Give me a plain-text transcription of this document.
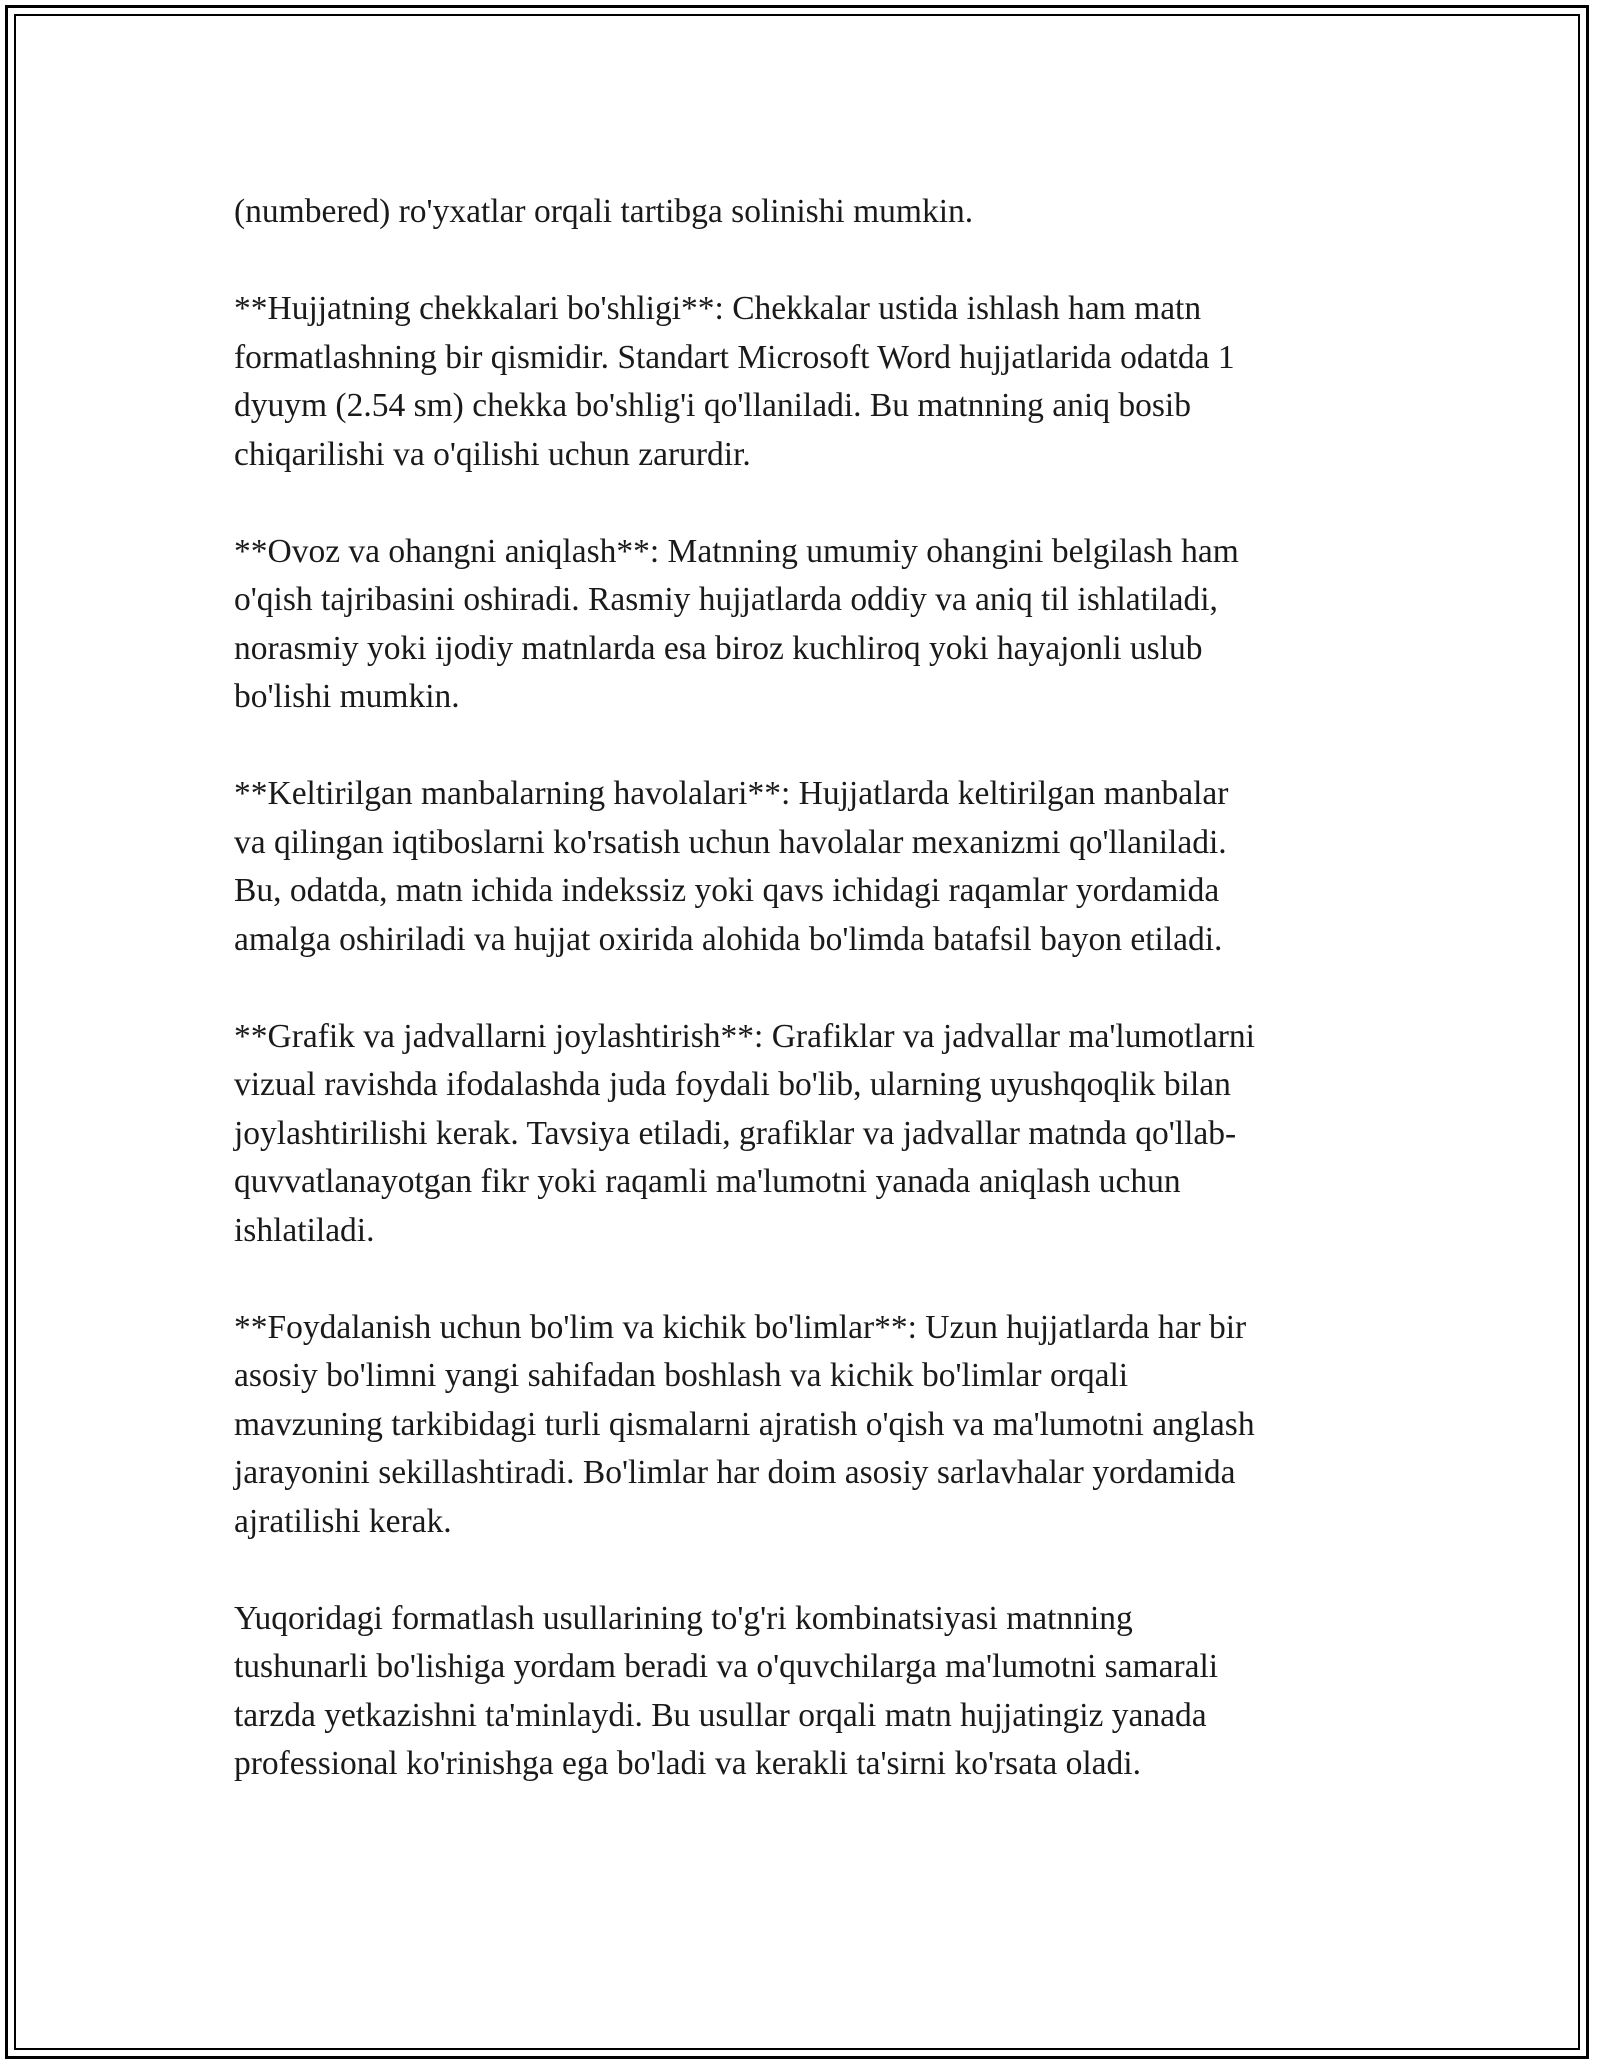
(numbered) ro'yxatlar orqali tartibga solinishi mumkin.

**Hujjatning chekkalari bo'shligi**: Chekkalar ustida ishlash ham matn
formatlashning bir qismidir. Standart Microsoft Word hujjatlarida odatda 1
dyuym (2.54 sm) chekka bo'shlig'i qo'llaniladi. Bu matnning aniq bosib
chiqarilishi va o'qilishi uchun zarurdir.

**Ovoz va ohangni aniqlash**: Matnning umumiy ohangini belgilash ham
o'qish tajribasini oshiradi. Rasmiy hujjatlarda oddiy va aniq til ishlatiladi,
norasmiy yoki ijodiy matnlarda esa biroz kuchliroq yoki hayajonli uslub
bo'lishi mumkin.

**Keltirilgan manbalarning havolalari**: Hujjatlarda keltirilgan manbalar
va qilingan iqtiboslarni ko'rsatish uchun havolalar mexanizmi qo'llaniladi.
Bu, odatda, matn ichida indekssiz yoki qavs ichidagi raqamlar yordamida
amalga oshiriladi va hujjat oxirida alohida bo'limda batafsil bayon etiladi.

**Grafik va jadvallarni joylashtirish**: Grafiklar va jadvallar ma'lumotlarni
vizual ravishda ifodalashda juda foydali bo'lib, ularning uyushqoqlik bilan
joylashtirilishi kerak. Tavsiya etiladi, grafiklar va jadvallar matnda qo'llab-
quvvatlanayotgan fikr yoki raqamli ma'lumotni yanada aniqlash uchun
ishlatiladi.

**Foydalanish uchun bo'lim va kichik bo'limlar**: Uzun hujjatlarda har bir
asosiy bo'limni yangi sahifadan boshlash va kichik bo'limlar orqali
mavzuning tarkibidagi turli qismalarni ajratish o'qish va ma'lumotni anglash
jarayonini sekillashtiradi. Bo'limlar har doim asosiy sarlavhalar yordamida
ajratilishi kerak.

Yuqoridagi formatlash usullarining to'g'ri kombinatsiyasi matnning
tushunarli bo'lishiga yordam beradi va o'quvchilarga ma'lumotni samarali
tarzda yetkazishni ta'minlaydi. Bu usullar orqali matn hujjatingiz yanada
professional ko'rinishga ega bo'ladi va kerakli ta'sirni ko'rsata oladi.
